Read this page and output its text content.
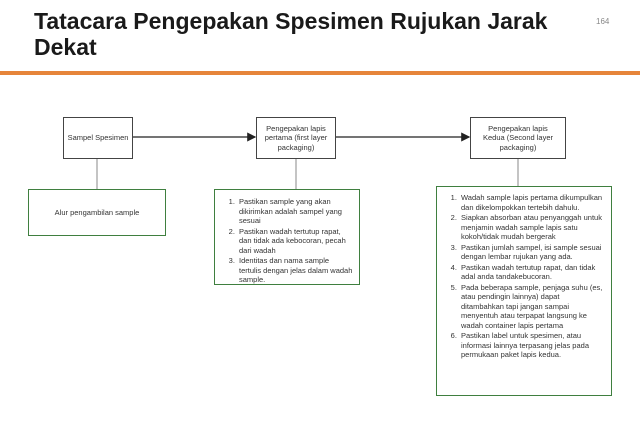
Tatacara Pengepakan Spesimen Rujukan Jarak Dekat
164
Sampel Spesimen
Pengepakan lapis pertama (first layer packaging)
Pengepakan lapis Kedua (Second layer packaging)
Alur pengambilan sample
1. Pastikan sample yang akan dikirimkan adalah sampel yang sesuai
2. Pastikan wadah tertutup rapat, dan tidak ada kebocoran, pecah dari wadah
3. Identitas dan nama sample tertulis dengan jelas dalam wadah sample.
1. Wadah sample lapis pertama dikumpulkan dan dikelompokkan tertebih dahulu.
2. Siapkan absorban atau penyanggah untuk menjamin wadah sample lapis satu kokoh/tidak mudah bergerak
3. Pastikan jumlah sampel, isi sample sesuai dengan lembar rujukan yang ada.
4. Pastikan wadah tertutup rapat, dan tidak adal anda tandakebucoran.
5. Pada beberapa sample, penjaga suhu (es, atau pendingin lainnya) dapat ditambahkan tapi jangan sampai menyentuh atau terpapat langsung ke wadah container lapis pertama
6. Pastikan label untuk spesimen, atau informasi lainnya terpasang jelas pada permukaan paket lapis kedua.
